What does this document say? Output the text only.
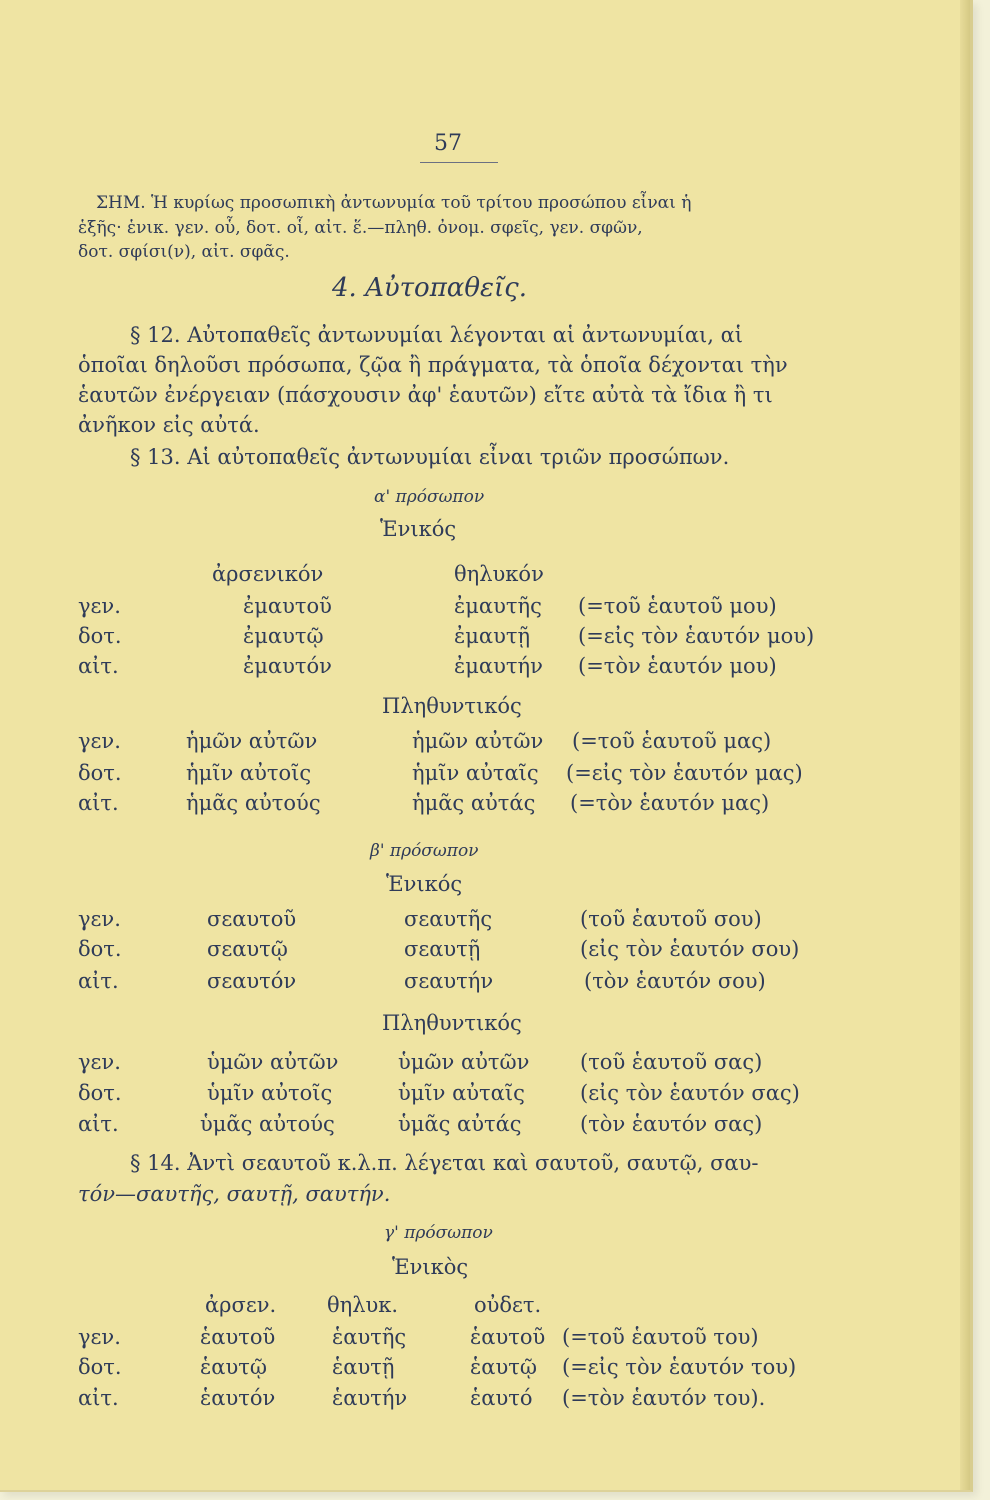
57
ΣΗΜ. Ἡ κυρίως προσωπικὴ ἀντωνυμία τοῦ τρίτου προσώπου εἶναι ἡ
ἑξῆς· ἑνικ. γεν. οὗ, δοτ. οἷ, αἰτ. ἕ.—πληθ. ὀνομ. σφεῖς, γεν. σφῶν,
δοτ. σφίσι(ν), αἰτ. σφᾶς.
4. Αὐτοπαθεῖς.
§ 12. Αὐτοπαθεῖς ἀντωνυμίαι λέγονται αἱ ἀντωνυμίαι, αἱ
ὁποῖαι δηλοῦσι πρόσωπα, ζῷα ἢ πράγματα, τὰ ὁποῖα δέχονται τὴν
ἑαυτῶν ἐνέργειαν (πάσχουσιν ἀφ' ἑαυτῶν) εἴτε αὐτὰ τὰ ἴδια ἢ τι
ἀνῆκον εἰς αὐτά.
§ 13. Αἱ αὐτοπαθεῖς ἀντωνυμίαι εἶναι τριῶν προσώπων.
α' πρόσωπον
Ἑνικός
ἀρσενικόν	θηλυκόν
γεν.	ἐμαυτοῦ	ἐμαυτῆς (=τοῦ ἑαυτοῦ μου)
δοτ.	ἐμαυτῷ	ἐμαυτῇ (=εἰς τὸν ἑαυτόν μου)
αἰτ.	ἐμαυτόν	ἐμαυτήν (=τὸν ἑαυτόν μου)
Πληθυντικός
γεν.	ἡμῶν αὐτῶν	ἡμῶν αὐτῶν (=τοῦ ἑαυτοῦ μας)
δοτ.	ἡμῖν αὐτοῖς	ἡμῖν αὐταῖς (=εἰς τὸν ἑαυτόν μας)
αἰτ.	ἡμᾶς αὐτούς	ἡμᾶς αὐτάς (=τὸν ἑαυτόν μας)
β' πρόσωπον
Ἑνικός
γεν.	σεαυτοῦ	σεαυτῆς	(τοῦ ἑαυτοῦ σου)
δοτ.	σεαυτῷ	σεαυτῇ	(εἰς τὸν ἑαυτόν σου)
αἰτ.	σεαυτόν	σεαυτήν	(τὸν ἑαυτόν σου)
Πληθυντικός
γεν.	ὑμῶν αὐτῶν	ὑμῶν αὐτῶν (τοῦ ἑαυτοῦ σας)
δοτ.	ὑμῖν αὐτοῖς	ὑμῖν αὐταῖς	(εἰς τὸν ἑαυτόν σας)
αἰτ.	ὑμᾶς αὐτούς	ὑμᾶς αὐτάς	(τὸν ἑαυτόν σας)
§ 14. Ἀντὶ σεαυτοῦ κ.λ.π. λέγεται καὶ σαυτοῦ, σαυτῷ, σαυ-
τόν—σαυτῆς, σαυτῇ, σαυτήν.
γ' πρόσωπον
Ἑνικὸς
ἀρσεν. θηλυκ.	οὐδετ.
γεν.	ἑαυτοῦ	ἑαυτῆς	ἑαυτοῦ (=τοῦ ἑαυτοῦ του)
δοτ.	ἑαυτῷ	ἑαυτῇ	ἑαυτῷ (=εἰς τὸν ἑαυτόν του)
αἰτ.	ἑαυτόν	ἑαυτήν	ἑαυτό (=τὸν ἑαυτόν του).
